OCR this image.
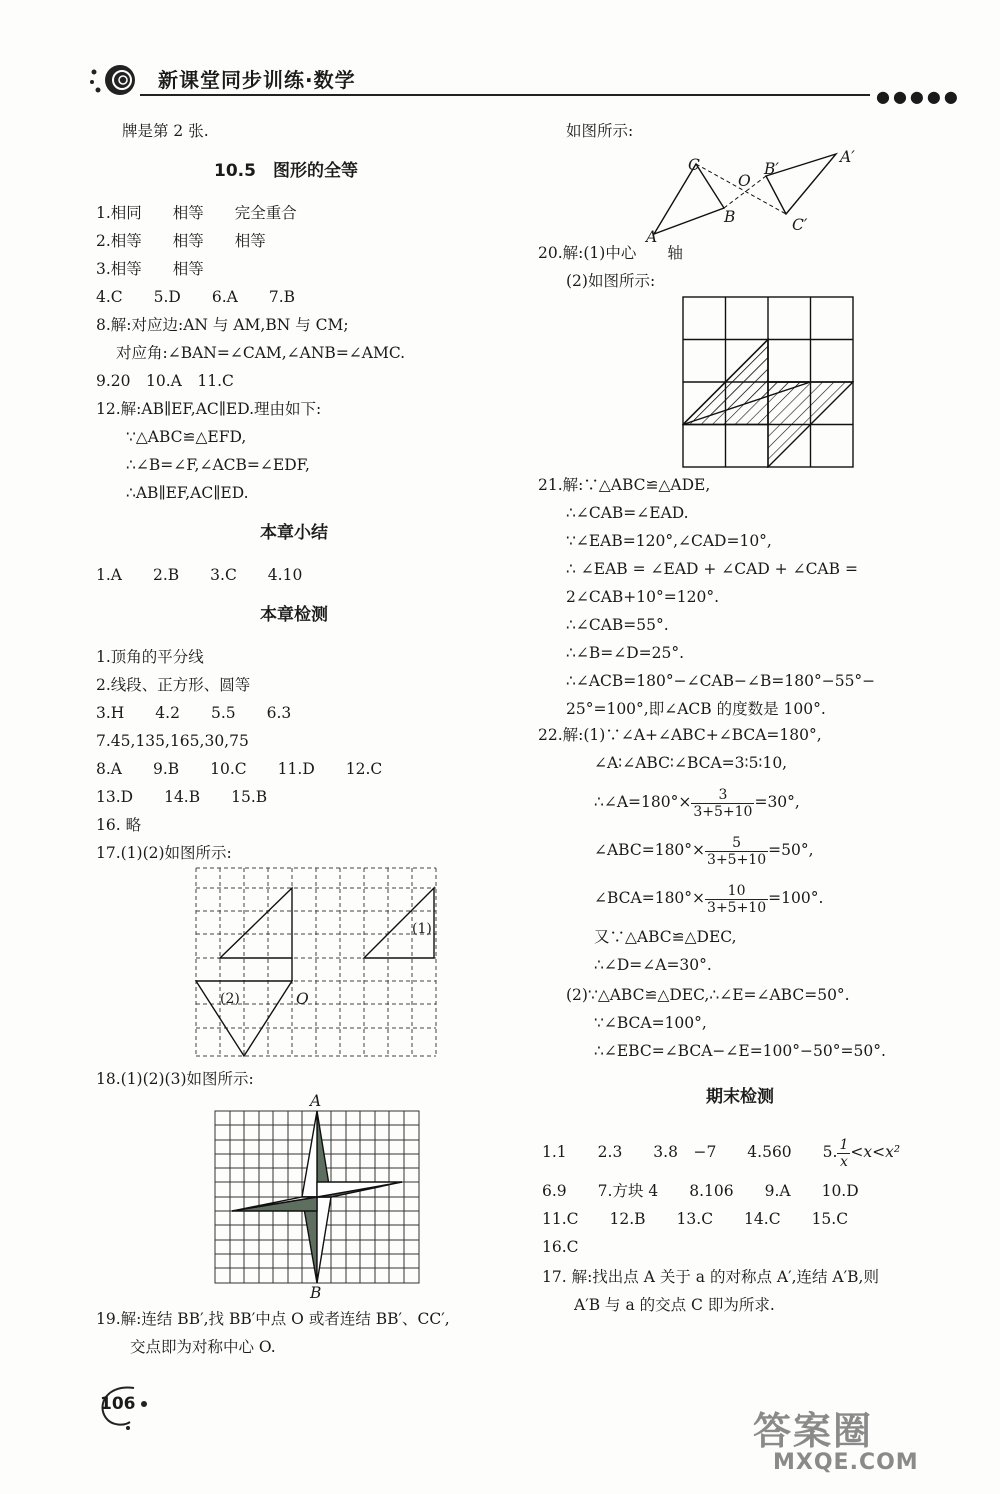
新课堂同步训练·数学
●●●●●
牌是第 2 张.
10.5　图形的全等
1.相同　　相等　　完全重合
2.相等　　相等　　相等
3.相等　　相等
4.C　　5.D　　6.A　　7.B
8.解:对应边:AN 与 AM,BN 与 CM;
对应角:∠BAN=∠CAM,∠ANB=∠AMC.
9.20　10.A　11.C
12.解:AB∥EF,AC∥ED.理由如下:
∵△ABC≌△EFD,
∴∠B=∠F,∠ACB=∠EDF,
∴AB∥EF,AC∥ED.
本章小结
1.A　　2.B　　3.C　　4.10
本章检测
1.顶角的平分线
2.线段、正方形、圆等
3.H　　4.2　　5.5　　6.3
7.45,135,165,30,75
8.A　　9.B　　10.C　　11.D　　12.C
13.D　　14.B　　15.B
16. 略
17.(1)(2)如图所示:
(1)
(2)	O
18.(1)(2)(3)如图所示:
A
B
19.解:连结 BB′,找 BB′中点 O 或者连结 BB′、CC′,
交点即为对称中心 O.
如图所示:
A
B
C
O
A′
B′
C′
20.解:(1)中心　　轴
(2)如图所示:
21.解:∵△ABC≌△ADE,
∴∠CAB=∠EAD.
∵∠EAB=120°,∠CAD=10°,
∴ ∠EAB = ∠EAD + ∠CAD + ∠CAB =
2∠CAB+10°=120°.
∴∠CAB=55°.
∴∠B=∠D=25°.
∴∠ACB=180°−∠CAB−∠B=180°−55°−
25°=100°,即∠ACB 的度数是 100°.
22.解:(1)∵∠A+∠ABC+∠BCA=180°,
∠A∶∠ABC∶∠BCA=3∶5∶10,
∴∠A=180°× $\frac{3}{3+5+10} =30^\circ$,
∠ABC=180°× $\frac{5}{3+5+10} =50^\circ$,
∠BCA=180°× $\frac{10}{3+5+10} =100^\circ$.
又∵△ABC≌△DEC,
∴∠D=∠A=30°.
(2)∵△ABC≌△DEC,∴∠E=∠ABC=50°.
∵∠BCA=100°,
∴∠EBC=∠BCA−∠E=100°−50°=50°.
期末检测
1.1　　2.3　　3.8　−7　　4.560　　5. $\frac{1}{x} <x<x^2$
6.9　　7.方块 4　　8.106　　9.A　　10.D
11.C　　12.B　　13.C　　14.C　　15.C
16.C
17. 解:找出点 A 关于 a 的对称点 A′,连结 A′B,则
A′B 与 a 的交点 C 即为所求.
106
答案圈
MXQE.COM
